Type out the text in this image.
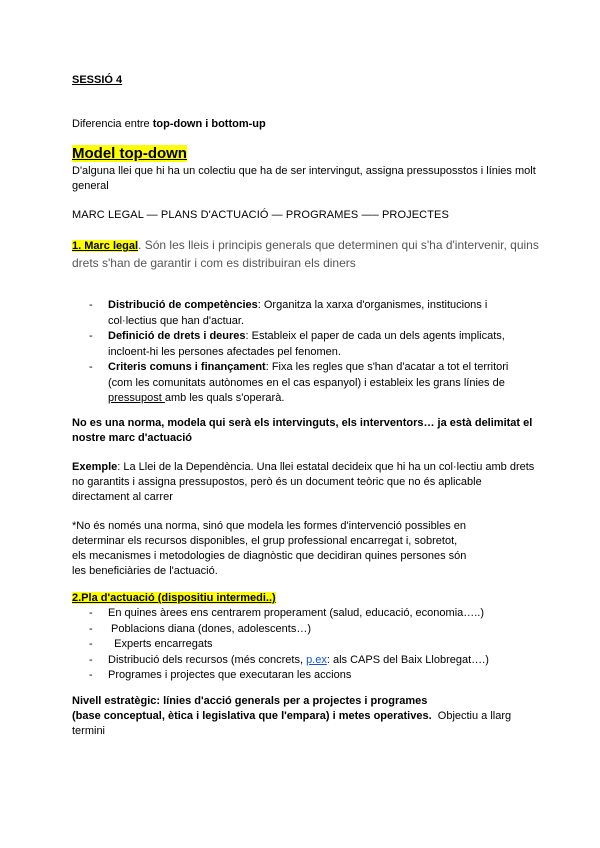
SESSIÓ 4
Diferencia entre top-down i bottom-up
Model top-down
D'alguna llei que hi ha un colectiu que ha de ser intervingut, assigna pressuposstos i línies molt general
MARC LEGAL — PLANS D'ACTUACIÓ — PROGRAMES —– PROJECTES
1. Marc legal. Són les lleis i principis generals que determinen qui s'ha d'intervenir, quins drets s'han de garantir i com es distribuiran els diners
- Distribució de competències: Organitza la xarxa d'organismes, institucions i col·lectius que han d'actuar.
- Definició de drets i deures: Estableix el paper de cada un dels agents implicats, incloent-hi les persones afectades pel fenomen.
- Criteris comuns i finançament: Fixa les regles que s'han d'acatar a tot el territori (com les comunitats autònomes en el cas espanyol) i estableix les grans línies de pressupost amb les quals s'operarà.
No es una norma, modela qui serà els intervinguts, els interventors… ja està delimitat el nostre marc d'actuació
Exemple: La Llei de la Dependència. Una llei estatal decideix que hi ha un col·lectiu amb drets no garantits i assigna pressupostos, però és un document teòric que no és aplicable directament al carrer
*No és només una norma, sinó que modela les formes d'intervenció possibles en
determinar els recursos disponibles, el grup professional encarregat i, sobretot,
els mecanismes i metodologies de diagnòstic que decidiran quines persones són
les beneficiàries de l'actuació.
2.Pla d'actuació (dispositiu intermedi..)
- En quines àrees ens centrarem properament (salud, educació, economia…..)
- Poblacions diana (dones, adolescents…)
- Experts encarregats
- Distribució dels recursos (més concrets, p.ex: als CAPS del Baix Llobregat….)
- Programes i projectes que executaran les accions
Nivell estratègic: línies d'acció generals per a projectes i programes
(base conceptual, ètica i legislativa que l'empara) i metes operatives.  Objectiu a llarg termini
